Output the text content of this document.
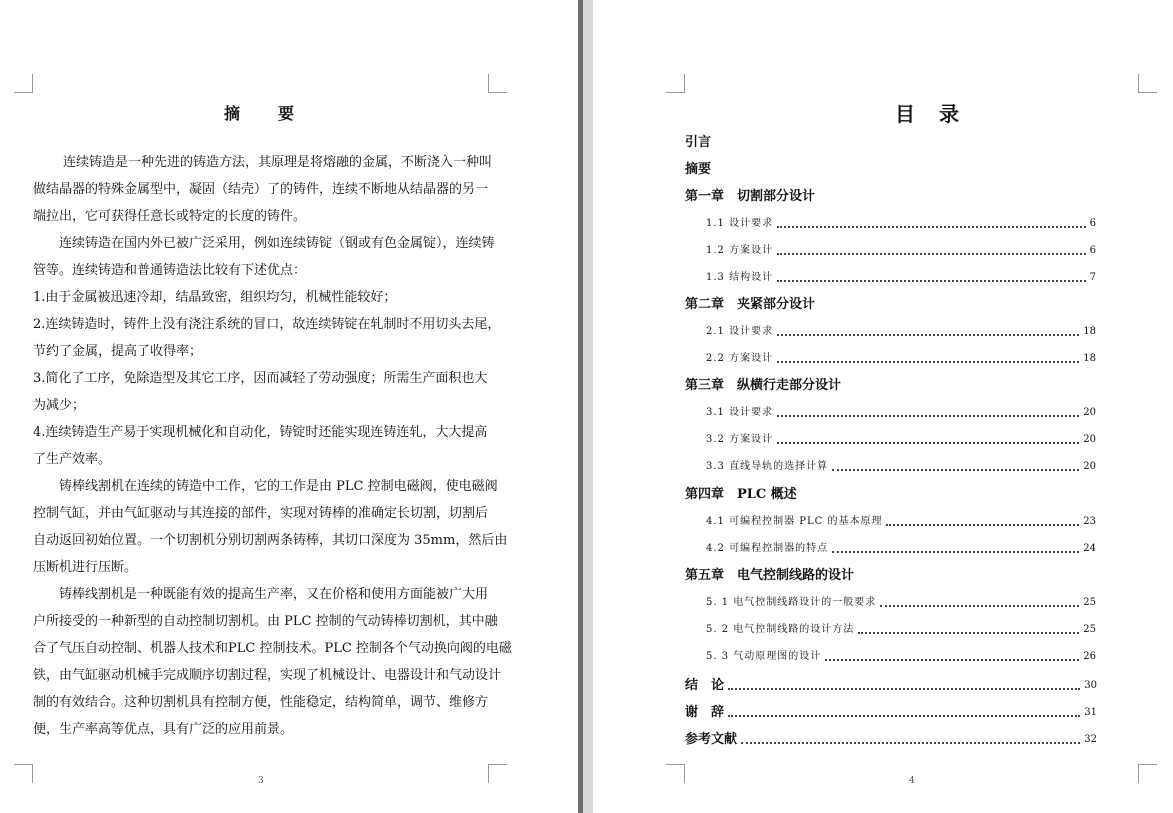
摘　　要
连续铸造是一种先进的铸造方法，其原理是将熔融的金属，不断浇入一种叫
做结晶器的特殊金属型中，凝固（结壳）了的铸件，连续不断地从结晶器的另一
端拉出，它可获得任意长或特定的长度的铸件。
连续铸造在国内外已被广泛采用，例如连续铸锭（钢或有色金属锭），连续铸
管等。连续铸造和普通铸造法比较有下述优点：
1.由于金属被迅速冷却，结晶致密，组织均匀，机械性能较好；
2.连续铸造时，铸件上没有浇注系统的冒口，故连续铸锭在轧制时不用切头去尾，
节约了金属，提高了收得率；
3.简化了工序，免除造型及其它工序，因而减轻了劳动强度；所需生产面积也大
为减少；
4.连续铸造生产易于实现机械化和自动化，铸锭时还能实现连铸连轧，大大提高
了生产效率。
铸棒线割机在连续的铸造中工作，它的工作是由 PLC 控制电磁阀，使电磁阀
控制气缸，并由气缸驱动与其连接的部件，实现对铸棒的准确定长切割，切割后
自动返回初始位置。一个切割机分别切割两条铸棒，其切口深度为 35mm，然后由
压断机进行压断。
铸棒线割机是一种既能有效的提高生产率，又在价格和使用方面能被广大用
户所接受的一种新型的自动控制切割机。由 PLC 控制的气动铸棒切割机，其中融
合了气压自动控制、机器人技术和PLC 控制技术。PLC 控制各个气动换向阀的电磁
铁，由气缸驱动机械手完成顺序切割过程，实现了机械设计、电器设计和气动设计
制的有效结合。这种切割机具有控制方便，性能稳定，结构简单，调节、维修方
便，生产率高等优点，具有广泛的应用前景。
3
目　录
引言
摘要
第一章　切割部分设计
1.1 设计要求	6
1.2 方案设计	6
1.3 结构设计	7
第二章　夹紧部分设计
2.1 设计要求	18
2.2 方案设计	18
第三章　纵横行走部分设计
3.1 设计要求	20
3.2 方案设计	20
3.3 直线导轨的选择计算	20
第四章　PLC 概述
4.1 可编程控制器 PLC 的基本原理	23
4.2 可编程控制器的特点	24
第五章　电气控制线路的设计
5. 1 电气控制线路设计的一般要求	25
5. 2 电气控制线路的设计方法	25
5. 3 气动原理图的设计	26
结　论	30
谢　辞	31
参考文献	32
4
